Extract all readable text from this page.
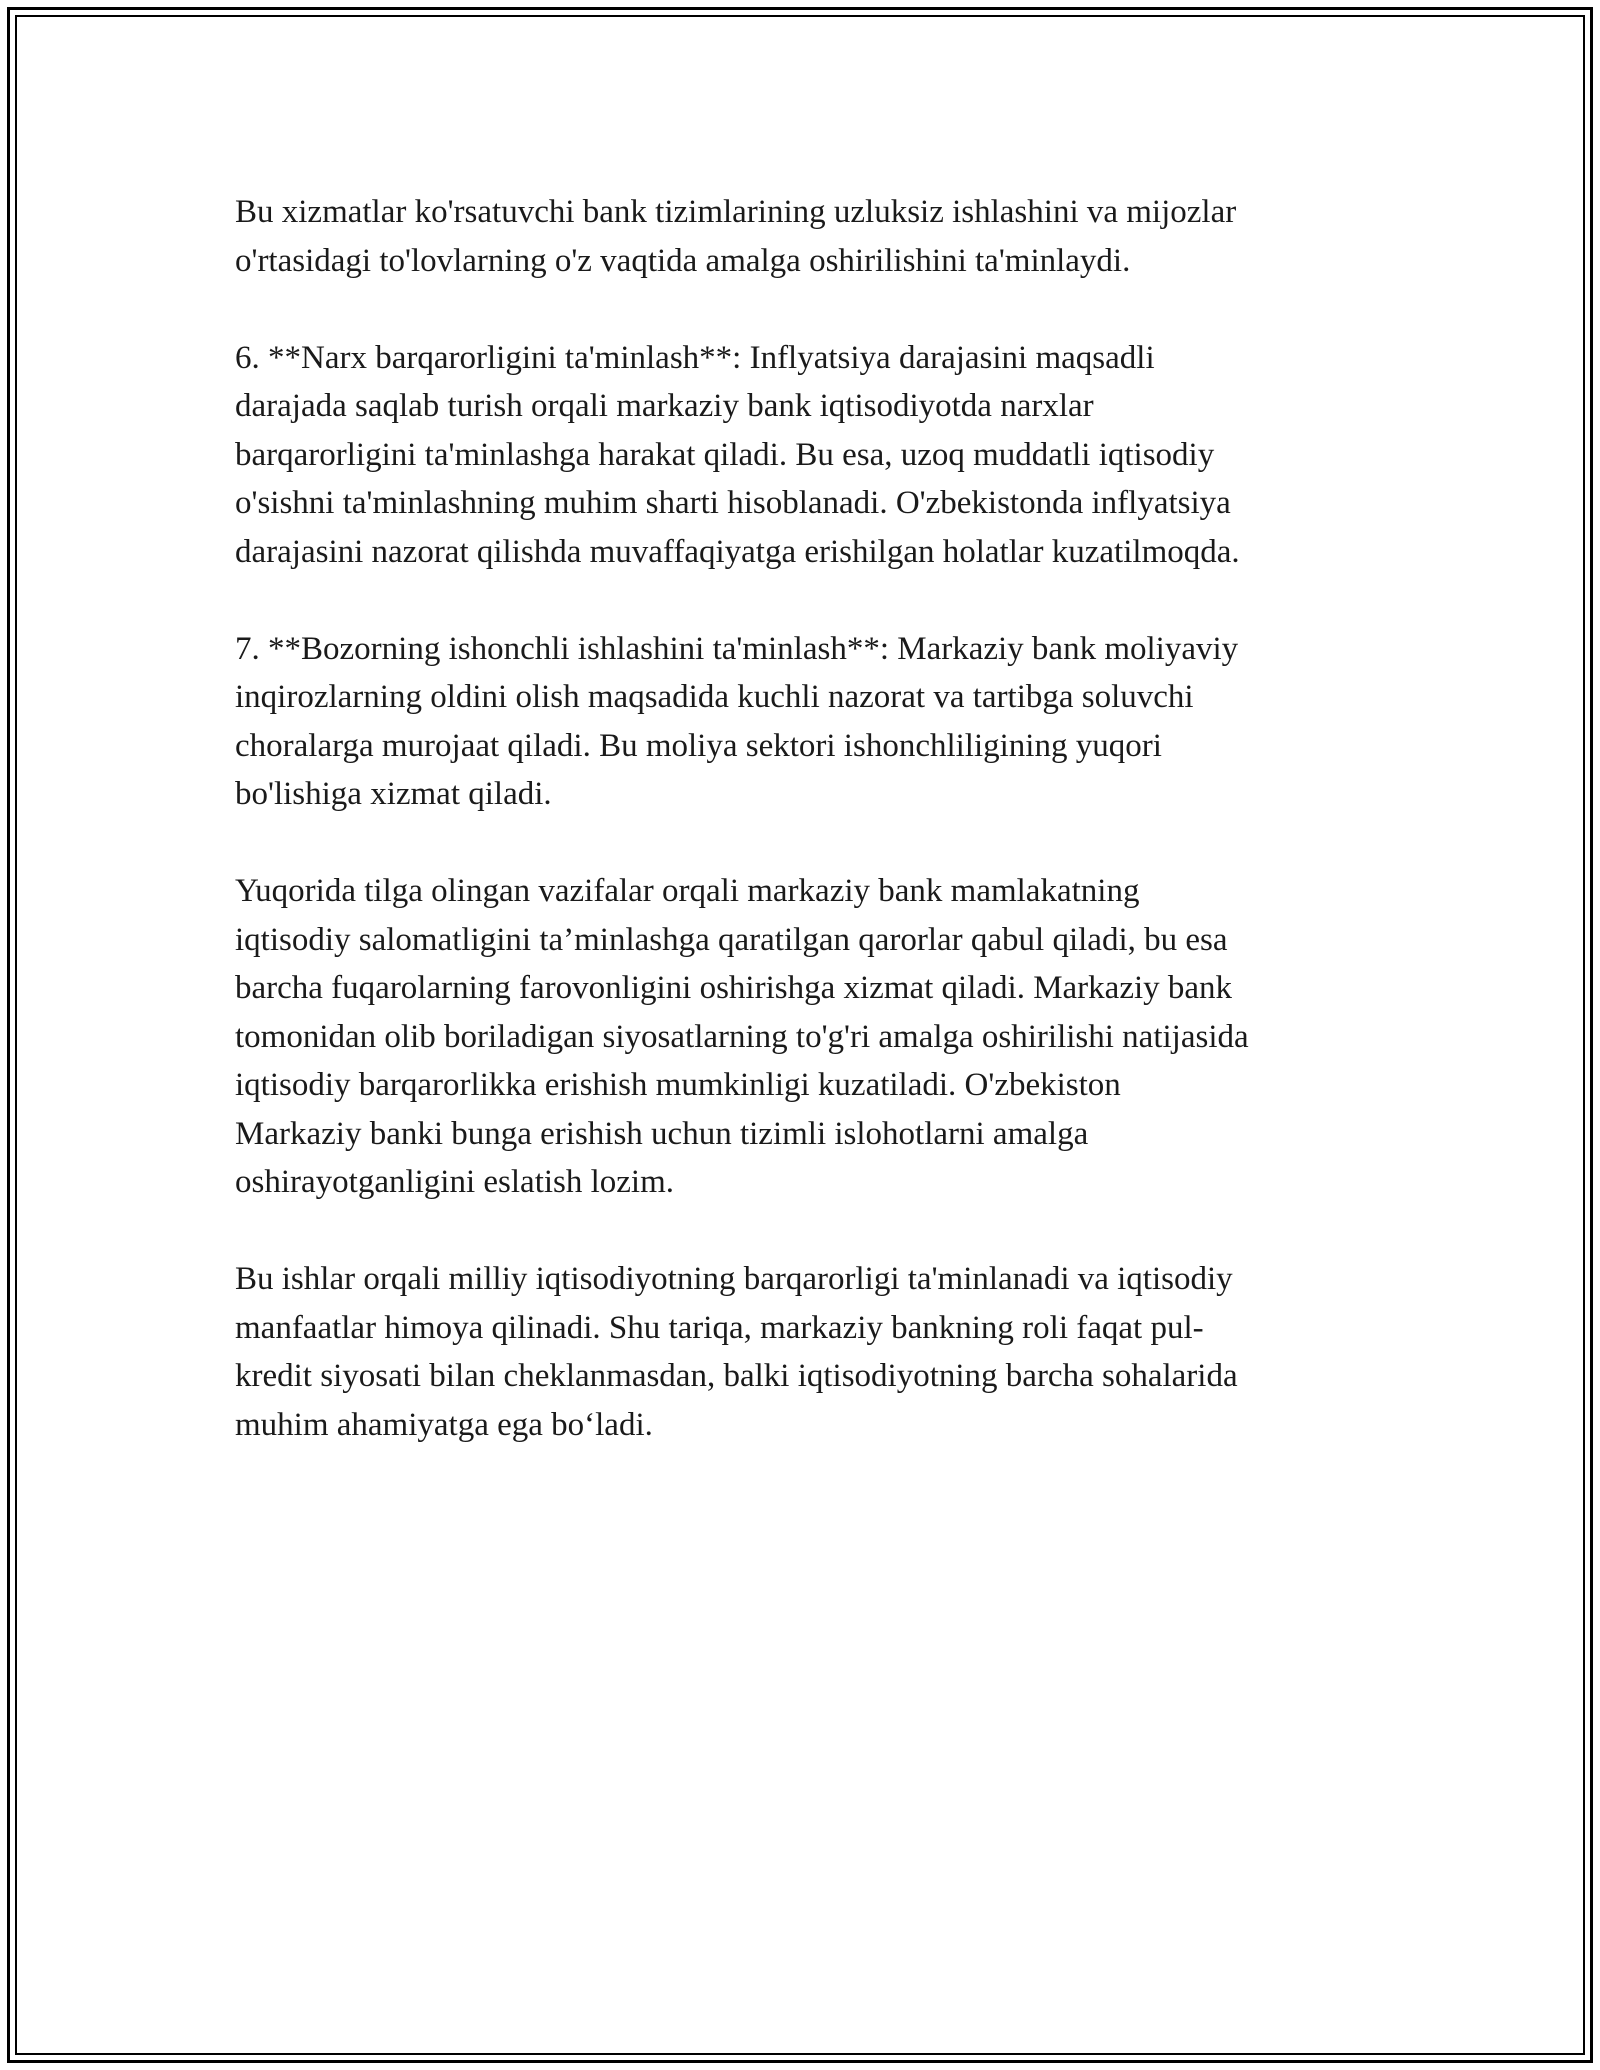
Bu xizmatlar ko'rsatuvchi bank tizimlarining uzluksiz ishlashini va mijozlar
o'rtasidagi to'lovlarning o'z vaqtida amalga oshirilishini ta'minlaydi.

6. **Narx barqarorligini ta'minlash**: Inflyatsiya darajasini maqsadli
darajada saqlab turish orqali markaziy bank iqtisodiyotda narxlar
barqarorligini ta'minlashga harakat qiladi. Bu esa, uzoq muddatli iqtisodiy
o'sishni ta'minlashning muhim sharti hisoblanadi. O'zbekistonda inflyatsiya
darajasini nazorat qilishda muvaffaqiyatga erishilgan holatlar kuzatilmoqda.

7. **Bozorning ishonchli ishlashini ta'minlash**: Markaziy bank moliyaviy
inqirozlarning oldini olish maqsadida kuchli nazorat va tartibga soluvchi
choralarga murojaat qiladi. Bu moliya sektori ishonchliligining yuqori
bo'lishiga xizmat qiladi.

Yuqorida tilga olingan vazifalar orqali markaziy bank mamlakatning
iqtisodiy salomatligini ta’minlashga qaratilgan qarorlar qabul qiladi, bu esa
barcha fuqarolarning farovonligini oshirishga xizmat qiladi. Markaziy bank
tomonidan olib boriladigan siyosatlarning to'g'ri amalga oshirilishi natijasida
iqtisodiy barqarorlikka erishish mumkinligi kuzatiladi. O'zbekiston
Markaziy banki bunga erishish uchun tizimli islohotlarni amalga
oshirayotganligini eslatish lozim.

Bu ishlar orqali milliy iqtisodiyotning barqarorligi ta'minlanadi va iqtisodiy
manfaatlar himoya qilinadi. Shu tariqa, markaziy bankning roli faqat pul-
kredit siyosati bilan cheklanmasdan, balki iqtisodiyotning barcha sohalarida
muhim ahamiyatga ega bo‘ladi.
